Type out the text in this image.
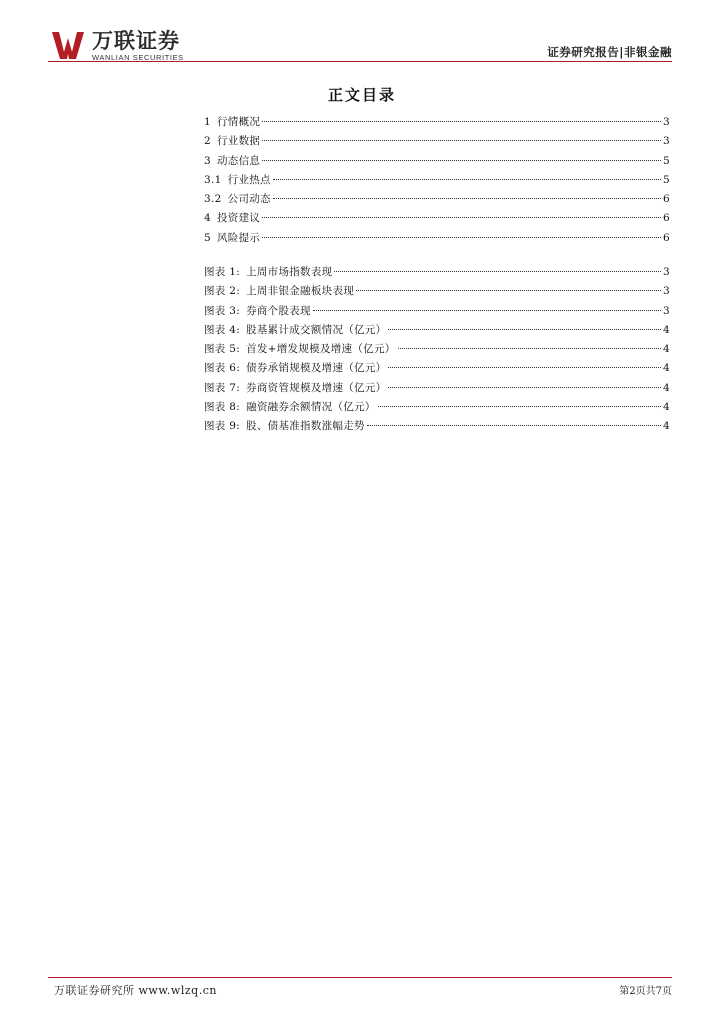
万联证券
WANLIAN SECURITIES	证券研究报告|非银金融
正文目录
1 行情概况	3
2 行业数据	3
3 动态信息	5
3.1 行业热点	5
3.2 公司动态	6
4 投资建议	6
5 风险提示	6
图表 1: 上周市场指数表现	3
图表 2: 上周非银金融板块表现	3
图表 3: 券商个股表现	3
图表 4: 股基累计成交额情况（亿元）	4
图表 5: 首发+增发规模及增速（亿元）	4
图表 6: 债券承销规模及增速（亿元）	4
图表 7: 券商资管规模及增速（亿元）	4
图表 8: 融资融券余额情况（亿元）	4
图表 9: 股、债基准指数涨幅走势	4
万联证券研究所 www.wlzq.cn	第2页共7页
